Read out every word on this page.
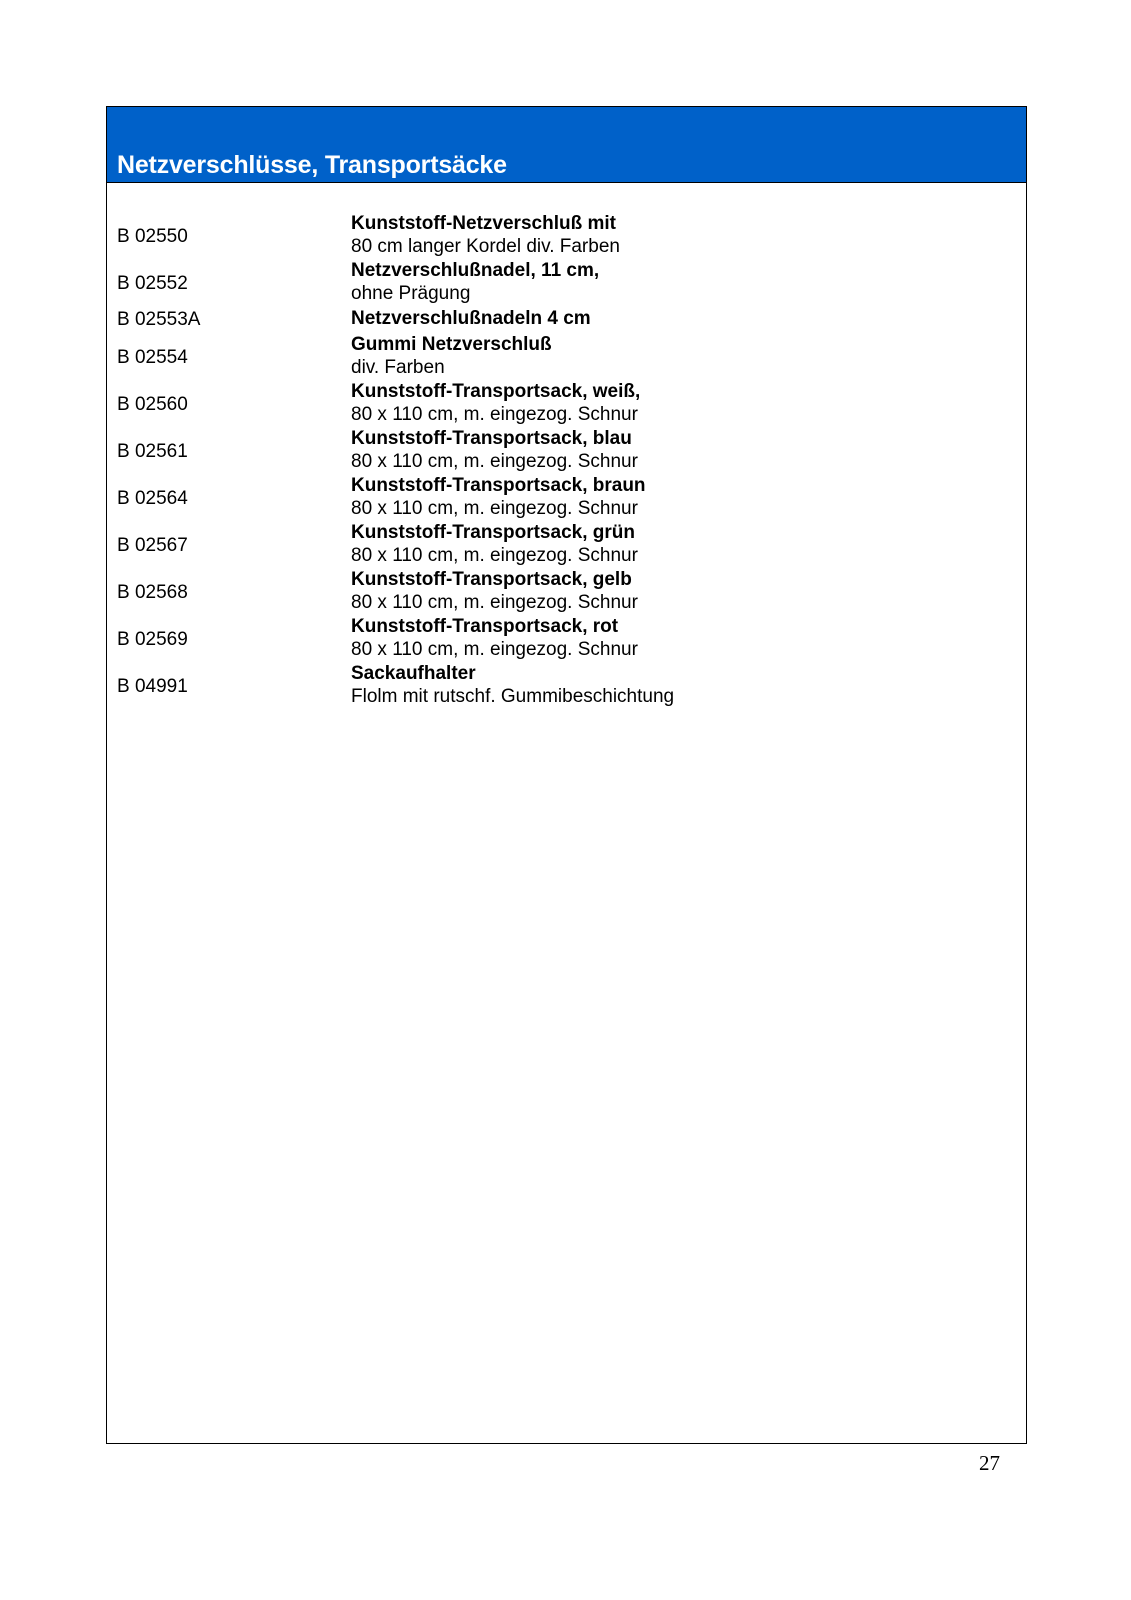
Netzverschlüsse, Transportsäcke
B 02550
Kunststoff-Netzverschluß mit
80 cm langer Kordel div. Farben
B 02552
Netzverschlußnadel, 11 cm,
ohne Prägung
B 02553A	Netzverschlußnadeln 4 cm
B 02554
Gummi Netzverschluß
div. Farben
B 02560
Kunststoff-Transportsack, weiß,
80 x 110 cm, m. eingezog. Schnur
B 02561
Kunststoff-Transportsack, blau
80 x 110 cm, m. eingezog. Schnur
B 02564
Kunststoff-Transportsack, braun
80 x 110 cm, m. eingezog. Schnur
B 02567
Kunststoff-Transportsack, grün
80 x 110 cm, m. eingezog. Schnur
B 02568
Kunststoff-Transportsack, gelb
80 x 110 cm, m. eingezog. Schnur
B 02569
Kunststoff-Transportsack, rot
80 x 110 cm, m. eingezog. Schnur
B 04991
Sackaufhalter
Flolm mit rutschf. Gummibeschichtung
27
